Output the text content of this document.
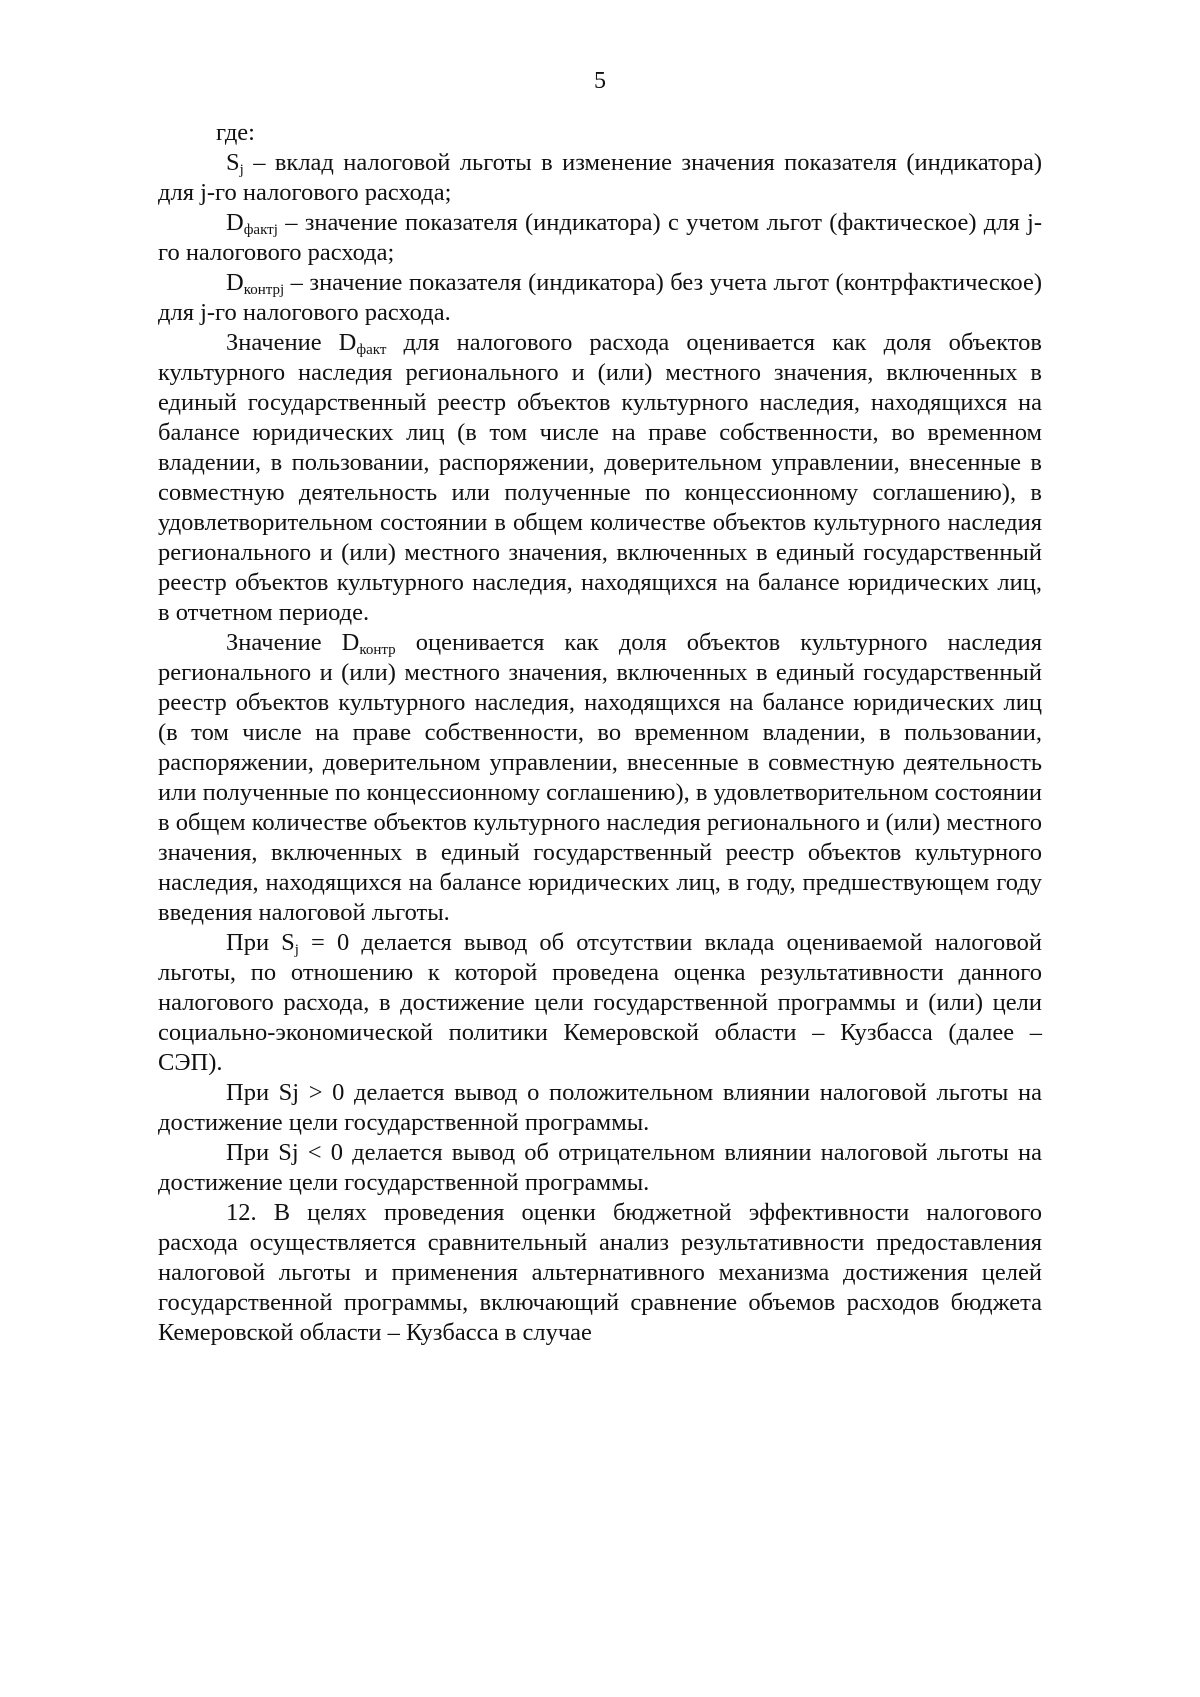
5

где:

$S_j$ – вклад налоговой льготы в изменение значения показателя (индикатора) для j-го налогового расхода;

$D_{фактj}$ – значение показателя (индикатора) с учетом льгот (фактическое) для j-го налогового расхода;

$D_{контрj}$ – значение показателя (индикатора) без учета льгот (контрфактическое) для j-го налогового расхода.

Значение $D_{факт}$ для налогового расхода оценивается как доля объектов культурного наследия регионального и (или) местного значения, включенных в единый государственный реестр объектов культурного наследия, находящихся на балансе юридических лиц (в том числе на праве собственности, во временном владении, в пользовании, распоряжении, доверительном управлении, внесенные в совместную деятельность или полученные по концессионному соглашению), в удовлетворительном состоянии в общем количестве объектов культурного наследия регионального и (или) местного значения, включенных в единый государственный реестр объектов культурного наследия, находящихся на балансе юридических лиц, в отчетном периоде.

Значение $D_{контр}$ оценивается как доля объектов культурного наследия регионального и (или) местного значения, включенных в единый государственный реестр объектов культурного наследия, находящихся на балансе юридических лиц (в том числе на праве собственности, во временном владении, в пользовании, распоряжении, доверительном управлении, внесенные в совместную деятельность или полученные по концессионному соглашению), в удовлетворительном состоянии в общем количестве объектов культурного наследия регионального и (или) местного значения, включенных в единый государственный реестр объектов культурного наследия, находящихся на балансе юридических лиц, в году, предшествующем году введения налоговой льготы.

При $S_j = 0$ делается вывод об отсутствии вклада оцениваемой налоговой льготы, по отношению к которой проведена оценка результативности данного налогового расхода, в достижение цели государственной программы и (или) цели социально-экономической политики Кемеровской области – Кузбасса (далее – СЭП).

При Sj > 0 делается вывод о положительном влиянии налоговой льготы на достижение цели государственной программы.

При Sj < 0 делается вывод об отрицательном влиянии налоговой льготы на достижение цели государственной программы.

12. В целях проведения оценки бюджетной эффективности налогового расхода осуществляется сравнительный анализ результативности предоставления налоговой льготы и применения альтернативного механизма достижения целей государственной программы, включающий сравнение объемов расходов бюджета Кемеровской области – Кузбасса в случае
